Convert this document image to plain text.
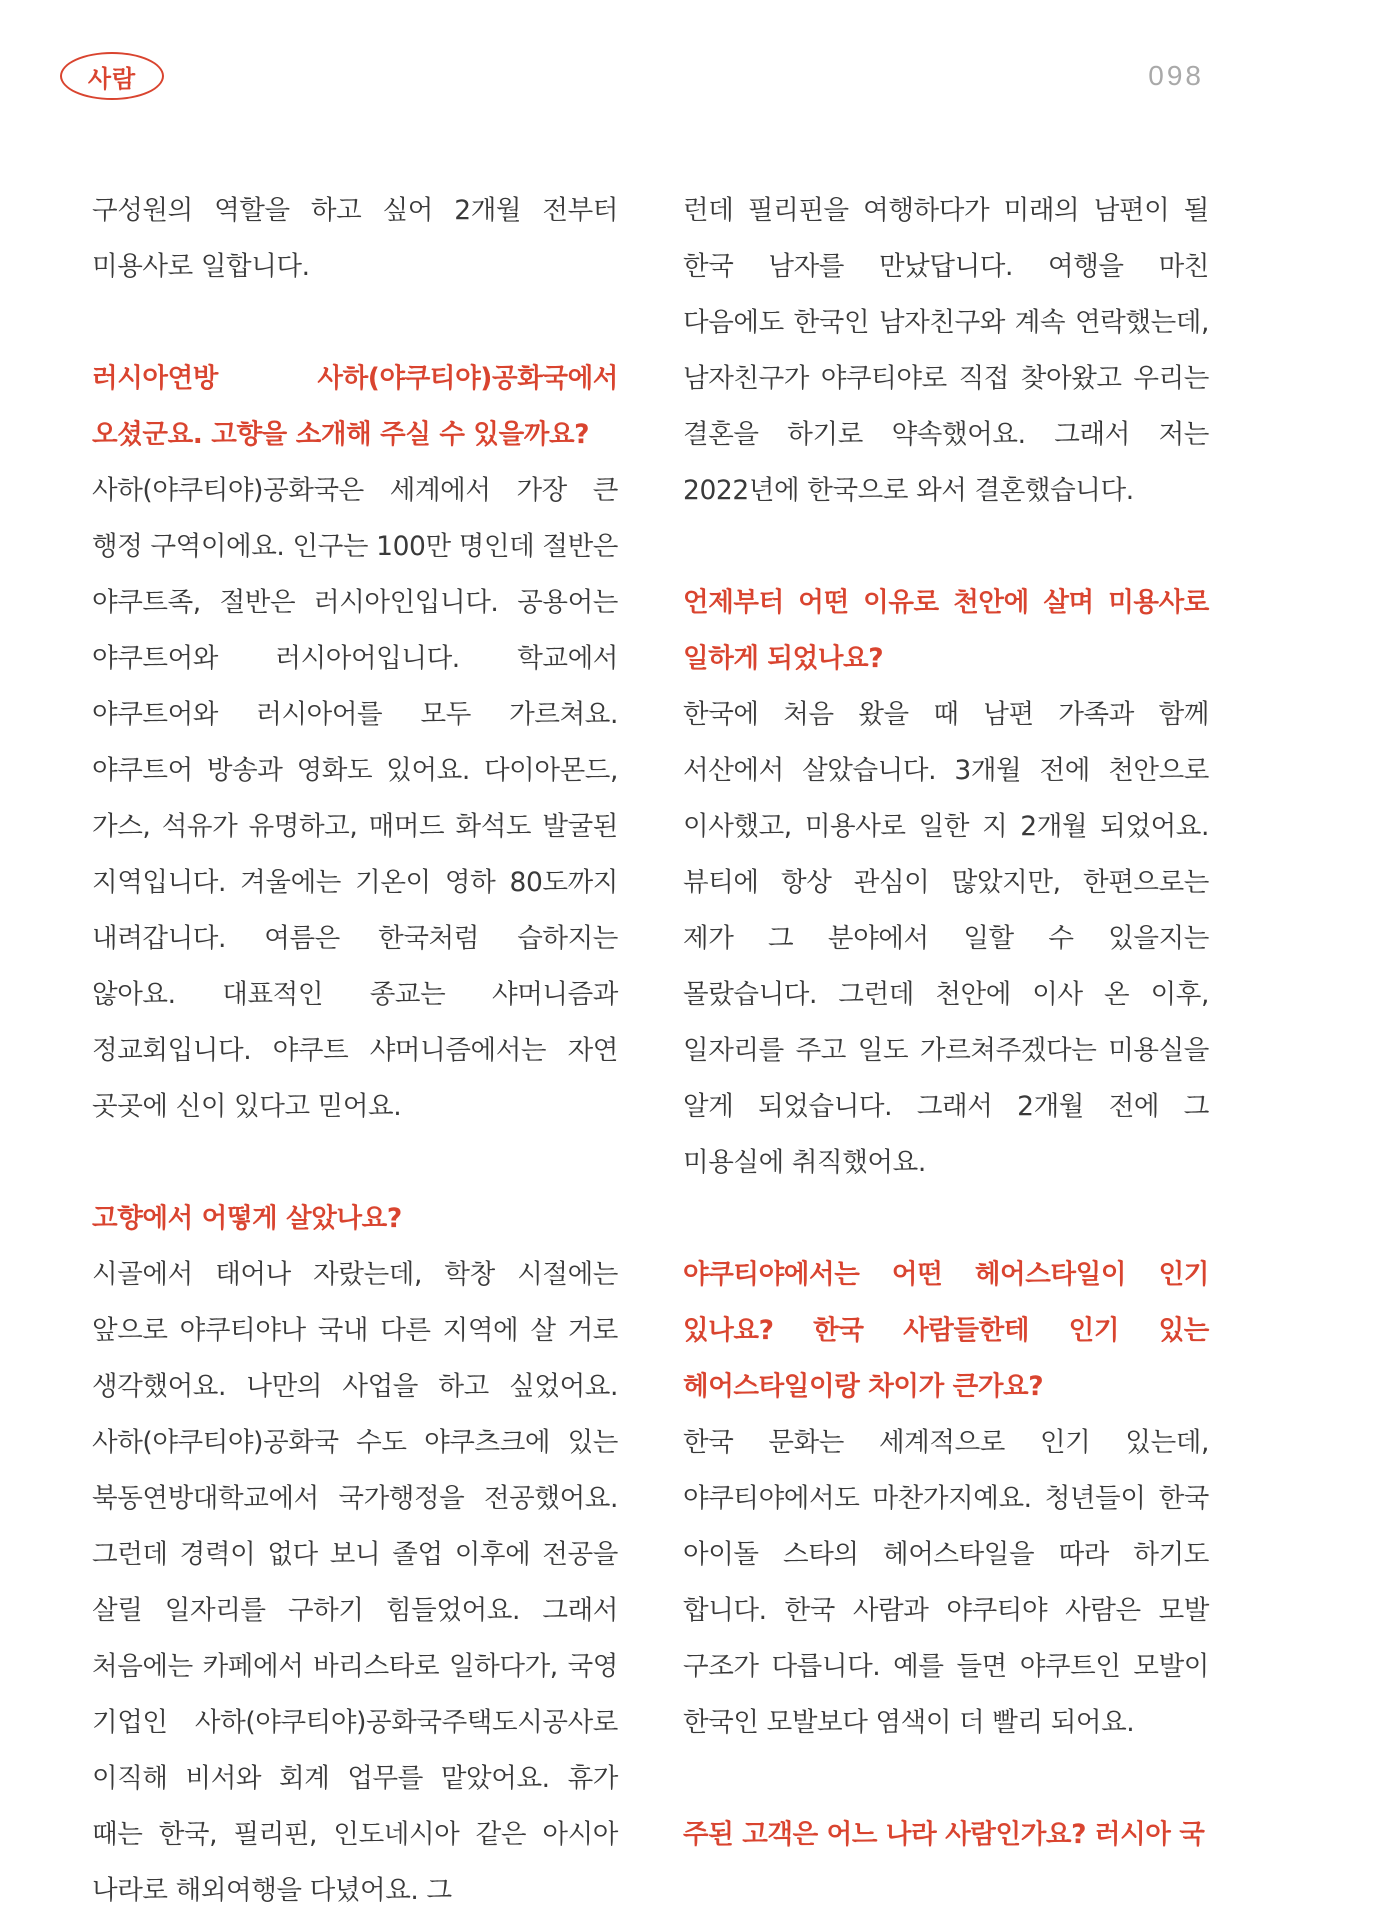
사람	098

구성원의 역할을 하고 싶어 2개월 전부터 미용사로 일합니다.

러시아연방 사하(야쿠티야)공화국에서 오셨군요. 고향을 소개해 주실 수 있을까요?

사하(야쿠티야)공화국은 세계에서 가장 큰 행정 구역이에요. 인구는 100만 명인데 절반은 야쿠트족, 절반은 러시아인입니다. 공용어는 야쿠트어와 러시아어입니다. 학교에서 야쿠트어와 러시아어를 모두 가르쳐요. 야쿠트어 방송과 영화도 있어요. 다이아몬드, 가스, 석유가 유명하고, 매머드 화석도 발굴된 지역입니다. 겨울에는 기온이 영하 80도까지 내려갑니다. 여름은 한국처럼 습하지는 않아요. 대표적인 종교는 샤머니즘과 정교회입니다. 야쿠트 샤머니즘에서는 자연 곳곳에 신이 있다고 믿어요.

고향에서 어떻게 살았나요?

시골에서 태어나 자랐는데, 학창 시절에는 앞으로 야쿠티야나 국내 다른 지역에 살 거로 생각했어요. 나만의 사업을 하고 싶었어요. 사하(야쿠티야)공화국 수도 야쿠츠크에 있는 북동연방대학교에서 국가행정을 전공했어요. 그런데 경력이 없다 보니 졸업 이후에 전공을 살릴 일자리를 구하기 힘들었어요. 그래서 처음에는 카페에서 바리스타로 일하다가, 국영 기업인 사하(야쿠티야)공화국주택도시공사로 이직해 비서와 회계 업무를 맡았어요. 휴가 때는 한국, 필리핀, 인도네시아 같은 아시아 나라로 해외여행을 다녔어요. 그

런데 필리핀을 여행하다가 미래의 남편이 될 한국 남자를 만났답니다. 여행을 마친 다음에도 한국인 남자친구와 계속 연락했는데, 남자친구가 야쿠티야로 직접 찾아왔고 우리는 결혼을 하기로 약속했어요. 그래서 저는 2022년에 한국으로 와서 결혼했습니다.

언제부터 어떤 이유로 천안에 살며 미용사로 일하게 되었나요?

한국에 처음 왔을 때 남편 가족과 함께 서산에서 살았습니다. 3개월 전에 천안으로 이사했고, 미용사로 일한 지 2개월 되었어요. 뷰티에 항상 관심이 많았지만, 한편으로는 제가 그 분야에서 일할 수 있을지는 몰랐습니다. 그런데 천안에 이사 온 이후, 일자리를 주고 일도 가르쳐주겠다는 미용실을 알게 되었습니다. 그래서 2개월 전에 그 미용실에 취직했어요.

야쿠티야에서는 어떤 헤어스타일이 인기 있나요? 한국 사람들한테 인기 있는 헤어스타일이랑 차이가 큰가요?

한국 문화는 세계적으로 인기 있는데, 야쿠티야에서도 마찬가지예요. 청년들이 한국 아이돌 스타의 헤어스타일을 따라 하기도 합니다. 한국 사람과 야쿠티야 사람은 모발 구조가 다릅니다. 예를 들면 야쿠트인 모발이 한국인 모발보다 염색이 더 빨리 되어요.

주된 고객은 어느 나라 사람인가요? 러시아 국
